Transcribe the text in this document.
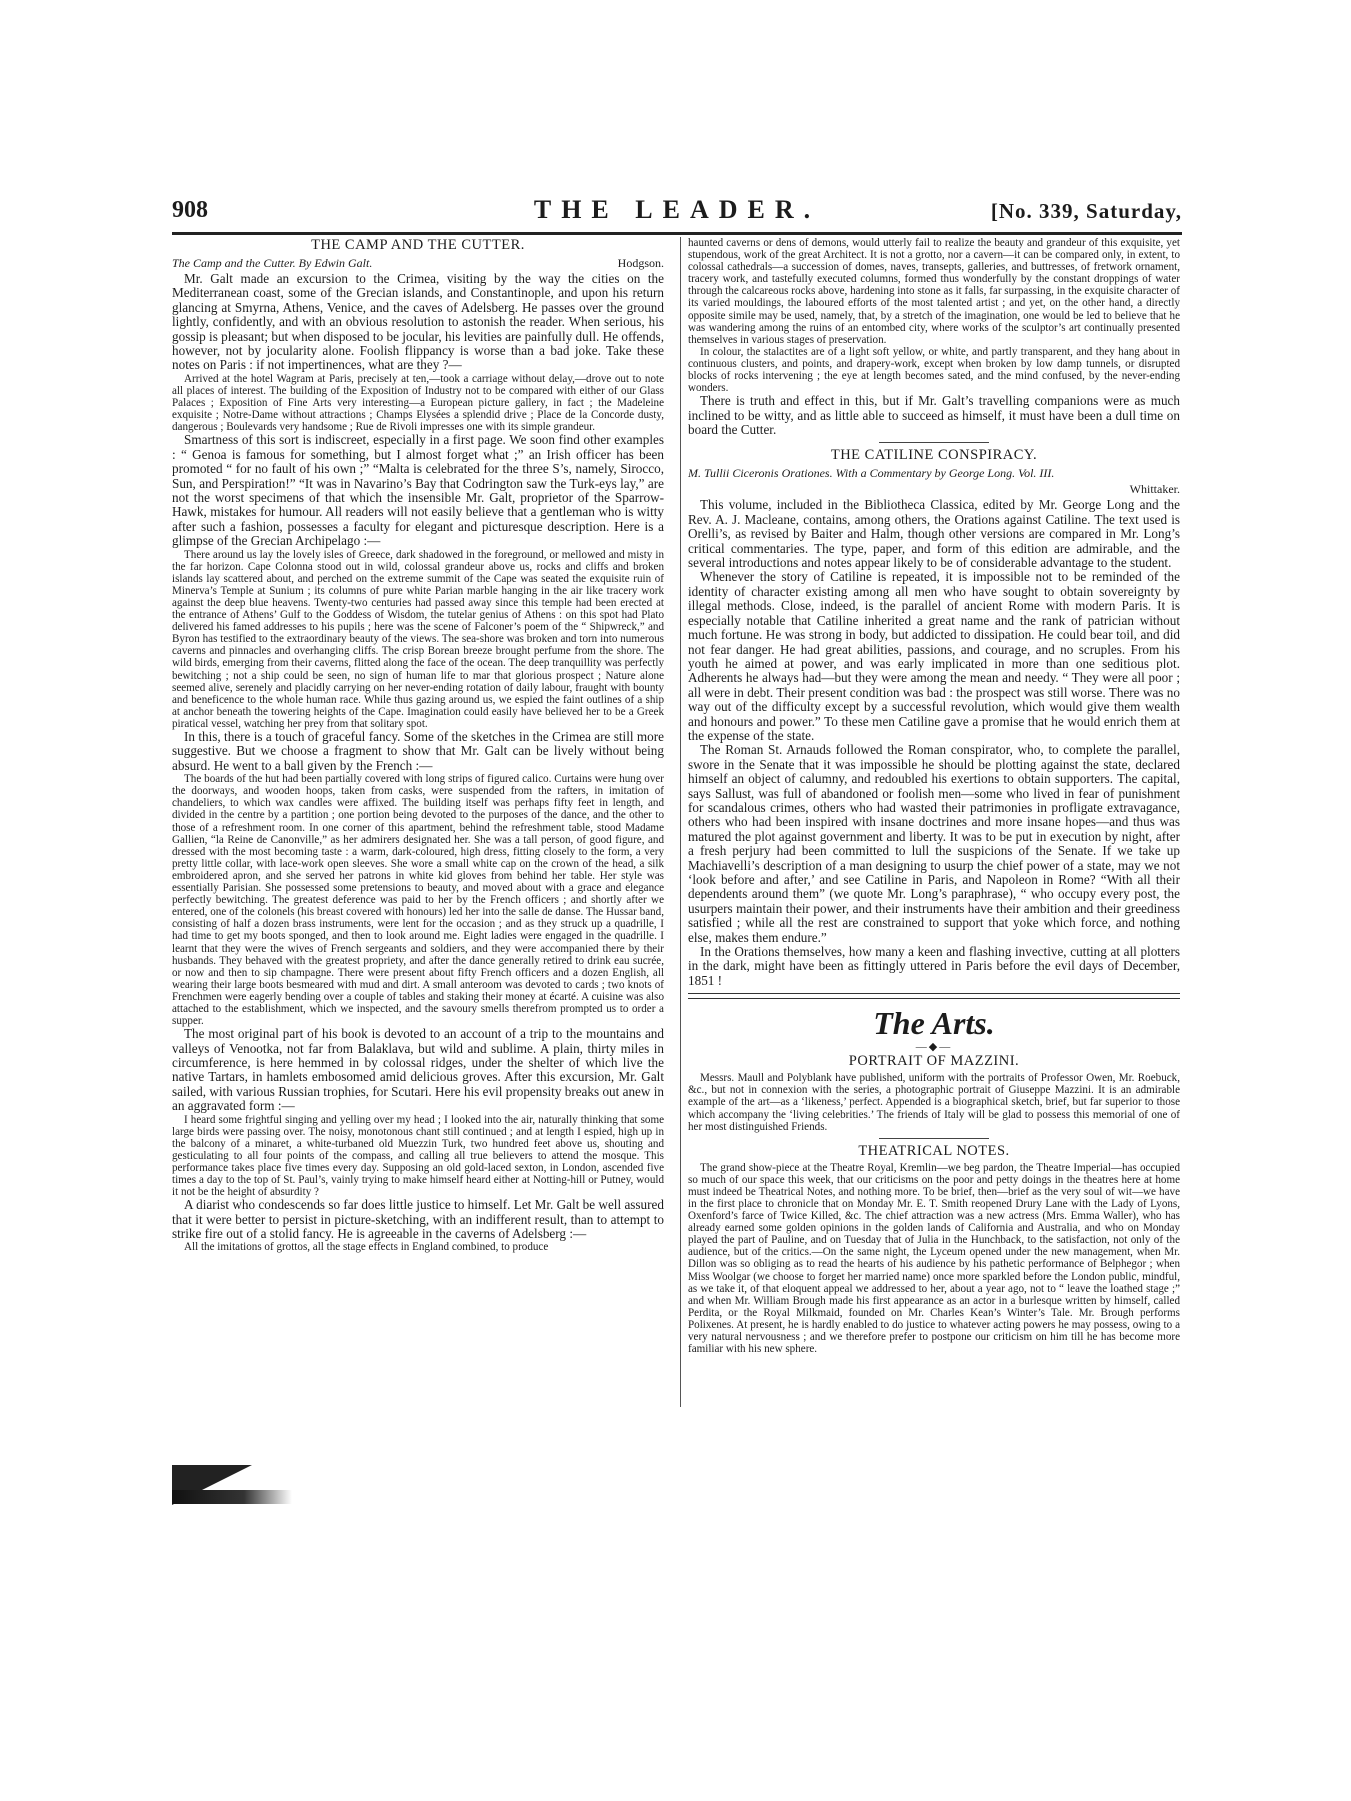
908	THE LEADER.	[No. 339, Saturday,
THE CAMP AND THE CUTTER.
The Camp and the Cutter. By Edwin Galt.	Hodgson.

Mr. Galt made an excursion to the Crimea, visiting by the way the cities on the Mediterranean coast, some of the Grecian islands, and Constantinople, and upon his return glancing at Smyrna, Athens, Venice, and the caves of Adelsberg. He passes over the ground lightly, confidently, and with an obvious resolution to astonish the reader. When serious, his gossip is pleasant; but when disposed to be jocular, his levities are painfully dull. He offends, however, not by jocularity alone. Foolish flippancy is worse than a bad joke. Take these notes on Paris : if not impertinences, what are they ?—

Arrived at the hotel Wagram at Paris, precisely at ten,—took a carriage without delay,—drove out to note all places of interest. The building of the Exposition of Industry not to be compared with either of our Glass Palaces ; Exposition of Fine Arts very interesting—a European picture gallery, in fact ; the Madeleine exquisite ; Notre-Dame without attractions ; Champs Elysées a splendid drive ; Place de la Concorde dusty, dangerous ; Boulevards very handsome ; Rue de Rivoli impresses one with its simple grandeur.

Smartness of this sort is indiscreet, especially in a first page. We soon find other examples : “ Genoa is famous for something, but I almost forget what ;” an Irish officer has been promoted “ for no fault of his own ;” “Malta is celebrated for the three S’s, namely, Sirocco, Sun, and Perspiration!” “It was in Navarino’s Bay that Codrington saw the Turk-eys lay,” are not the worst specimens of that which the insensible Mr. Galt, proprietor of the Sparrow-Hawk, mistakes for humour. All readers will not easily believe that a gentleman who is witty after such a fashion, possesses a faculty for elegant and picturesque description. Here is a glimpse of the Grecian Archipelago :—

There around us lay the lovely isles of Greece, dark shadowed in the foreground, or mellowed and misty in the far horizon. Cape Colonna stood out in wild, colossal grandeur above us, rocks and cliffs and broken islands lay scattered about, and perched on the extreme summit of the Cape was seated the exquisite ruin of Minerva’s Temple at Sunium ; its columns of pure white Parian marble hanging in the air like tracery work against the deep blue heavens. Twenty-two centuries had passed away since this temple had been erected at the entrance of Athens’ Gulf to the Goddess of Wisdom, the tutelar genius of Athens : on this spot had Plato delivered his famed addresses to his pupils ; here was the scene of Falconer’s poem of the “ Shipwreck,” and Byron has testified to the extraordinary beauty of the views. The sea-shore was broken and torn into numerous caverns and pinnacles and overhanging cliffs. The crisp Borean breeze brought perfume from the shore. The wild birds, emerging from their caverns, flitted along the face of the ocean. The deep tranquillity was perfectly bewitching ; not a ship could be seen, no sign of human life to mar that glorious prospect ; Nature alone seemed alive, serenely and placidly carrying on her never-ending rotation of daily labour, fraught with bounty and beneficence to the whole human race. While thus gazing around us, we espied the faint outlines of a ship at anchor beneath the towering heights of the Cape. Imagination could easily have believed her to be a Greek piratical vessel, watching her prey from that solitary spot.

In this, there is a touch of graceful fancy. Some of the sketches in the Crimea are still more suggestive. But we choose a fragment to show that Mr. Galt can be lively without being absurd. He went to a ball given by the French :—

The boards of the hut had been partially covered with long strips of figured calico. Curtains were hung over the doorways, and wooden hoops, taken from casks, were suspended from the rafters, in imitation of chandeliers, to which wax candles were affixed. The building itself was perhaps fifty feet in length, and divided in the centre by a partition ; one portion being devoted to the purposes of the dance, and the other to those of a refreshment room. In one corner of this apartment, behind the refreshment table, stood Madame Gallien, “la Reine de Canonville,” as her admirers designated her. She was a tall person, of good figure, and dressed with the most becoming taste : a warm, dark-coloured, high dress, fitting closely to the form, a very pretty little collar, with lace-work open sleeves. She wore a small white cap on the crown of the head, a silk embroidered apron, and she served her patrons in white kid gloves from behind her table. Her style was essentially Parisian. She possessed some pretensions to beauty, and moved about with a grace and elegance perfectly bewitching. The greatest deference was paid to her by the French officers ; and shortly after we entered, one of the colonels (his breast covered with honours) led her into the salle de danse. The Hussar band, consisting of half a dozen brass instruments, were lent for the occasion ; and as they struck up a quadrille, I had time to get my boots sponged, and then to look around me. Eight ladies were engaged in the quadrille. I learnt that they were the wives of French sergeants and soldiers, and they were accompanied there by their husbands. They behaved with the greatest propriety, and after the dance generally retired to drink eau sucrée, or now and then to sip champagne. There were present about fifty French officers and a dozen English, all wearing their large boots besmeared with mud and dirt. A small anteroom was devoted to cards ; two knots of Frenchmen were eagerly bending over a couple of tables and staking their money at écarté. A cuisine was also attached to the establishment, which we inspected, and the savoury smells therefrom prompted us to order a supper.

The most original part of his book is devoted to an account of a trip to the mountains and valleys of Venootka, not far from Balaklava, but wild and sublime. A plain, thirty miles in circumference, is here hemmed in by colossal ridges, under the shelter of which live the native Tartars, in hamlets embosomed amid delicious groves. After this excursion, Mr. Galt sailed, with various Russian trophies, for Scutari. Here his evil propensity breaks out anew in an aggravated form :—

I heard some frightful singing and yelling over my head ; I looked into the air, naturally thinking that some large birds were passing over. The noisy, monotonous chant still continued ; and at length I espied, high up in the balcony of a minaret, a white-turbaned old Muezzin Turk, two hundred feet above us, shouting and gesticulating to all four points of the compass, and calling all true believers to attend the mosque. This performance takes place five times every day. Supposing an old gold-laced sexton, in London, ascended five times a day to the top of St. Paul’s, vainly trying to make himself heard either at Notting-hill or Putney, would it not be the height of absurdity ?

A diarist who condescends so far does little justice to himself. Let Mr. Galt be well assured that it were better to persist in picture-sketching, with an indifferent result, than to attempt to strike fire out of a stolid fancy. He is agreeable in the caverns of Adelsberg :—

All the imitations of grottos, all the stage effects in England combined, to produce

haunted caverns or dens of demons, would utterly fail to realize the beauty and grandeur of this exquisite, yet stupendous, work of the great Architect. It is not a grotto, nor a cavern—it can be compared only, in extent, to colossal cathedrals—a succession of domes, naves, transepts, galleries, and buttresses, of fretwork ornament, tracery work, and tastefully executed columns, formed thus wonderfully by the constant droppings of water through the calcareous rocks above, hardening into stone as it falls, far surpassing, in the exquisite character of its varied mouldings, the laboured efforts of the most talented artist ; and yet, on the other hand, a directly opposite simile may be used, namely, that, by a stretch of the imagination, one would be led to believe that he was wandering among the ruins of an entombed city, where works of the sculptor’s art continually presented themselves in various stages of preservation.

In colour, the stalactites are of a light soft yellow, or white, and partly transparent, and they hang about in continuous clusters, and points, and drapery-work, except when broken by low damp tunnels, or disrupted blocks of rocks intervening ; the eye at length becomes sated, and the mind confused, by the never-ending wonders.

There is truth and effect in this, but if Mr. Galt’s travelling companions were as much inclined to be witty, and as little able to succeed as himself, it must have been a dull time on board the Cutter.

THE CATILINE CONSPIRACY.
M. Tullii Ciceronis Orationes. With a Commentary by George Long. Vol. III.
Whittaker.

This volume, included in the Bibliotheca Classica, edited by Mr. George Long and the Rev. A. J. Macleane, contains, among others, the Orations against Catiline. The text used is Orelli’s, as revised by Baiter and Halm, though other versions are compared in Mr. Long’s critical commentaries. The type, paper, and form of this edition are admirable, and the several introductions and notes appear likely to be of considerable advantage to the student.

Whenever the story of Catiline is repeated, it is impossible not to be reminded of the identity of character existing among all men who have sought to obtain sovereignty by illegal methods. Close, indeed, is the parallel of ancient Rome with modern Paris. It is especially notable that Catiline inherited a great name and the rank of patrician without much fortune. He was strong in body, but addicted to dissipation. He could bear toil, and did not fear danger. He had great abilities, passions, and courage, and no scruples. From his youth he aimed at power, and was early implicated in more than one seditious plot. Adherents he always had—but they were among the mean and needy. “ They were all poor ; all were in debt. Their present condition was bad : the prospect was still worse. There was no way out of the difficulty except by a successful revolution, which would give them wealth and honours and power.” To these men Catiline gave a promise that he would enrich them at the expense of the state.

The Roman St. Arnauds followed the Roman conspirator, who, to complete the parallel, swore in the Senate that it was impossible he should be plotting against the state, declared himself an object of calumny, and redoubled his exertions to obtain supporters. The capital, says Sallust, was full of abandoned or foolish men—some who lived in fear of punishment for scandalous crimes, others who had wasted their patrimonies in profligate extravagance, others who had been inspired with insane doctrines and more insane hopes—and thus was matured the plot against government and liberty. It was to be put in execution by night, after a fresh perjury had been committed to lull the suspicions of the Senate. If we take up Machiavelli’s description of a man designing to usurp the chief power of a state, may we not ‘look before and after,’ and see Catiline in Paris, and Napoleon in Rome? “With all their dependents around them” (we quote Mr. Long’s paraphrase), “ who occupy every post, the usurpers maintain their power, and their instruments have their ambition and their greediness satisfied ; while all the rest are constrained to support that yoke which force, and nothing else, makes them endure.”

In the Orations themselves, how many a keen and flashing invective, cutting at all plotters in the dark, might have been as fittingly uttered in Paris before the evil days of December, 1851 !

The Arts.
—◆—
PORTRAIT OF MAZZINI.

Messrs. Maull and Polyblank have published, uniform with the portraits of Professor Owen, Mr. Roebuck, &c., but not in connexion with the series, a photographic portrait of Giuseppe Mazzini. It is an admirable example of the art—as a ‘likeness,’ perfect. Appended is a biographical sketch, brief, but far superior to those which accompany the ‘living celebrities.’ The friends of Italy will be glad to possess this memorial of one of her most distinguished Friends.

THEATRICAL NOTES.

The grand show-piece at the Theatre Royal, Kremlin—we beg pardon, the Theatre Imperial—has occupied so much of our space this week, that our criticisms on the poor and petty doings in the theatres here at home must indeed be Theatrical Notes, and nothing more. To be brief, then—brief as the very soul of wit—we have in the first place to chronicle that on Monday Mr. E. T. Smith reopened Drury Lane with the Lady of Lyons, Oxenford’s farce of Twice Killed, &c. The chief attraction was a new actress (Mrs. Emma Waller), who has already earned some golden opinions in the golden lands of California and Australia, and who on Monday played the part of Pauline, and on Tuesday that of Julia in the Hunchback, to the satisfaction, not only of the audience, but of the critics.—On the same night, the Lyceum opened under the new management, when Mr. Dillon was so obliging as to read the hearts of his audience by his pathetic performance of Belphegor ; when Miss Woolgar (we choose to forget her married name) once more sparkled before the London public, mindful, as we take it, of that eloquent appeal we addressed to her, about a year ago, not to “ leave the loathed stage ;” and when Mr. William Brough made his first appearance as an actor in a burlesque written by himself, called Perdita, or the Royal Milkmaid, founded on Mr. Charles Kean’s Winter’s Tale. Mr. Brough performs Polixenes. At present, he is hardly enabled to do justice to whatever acting powers he may possess, owing to a very natural nervousness ; and we therefore prefer to postpone our criticism on him till he has become more familiar with his new sphere.
